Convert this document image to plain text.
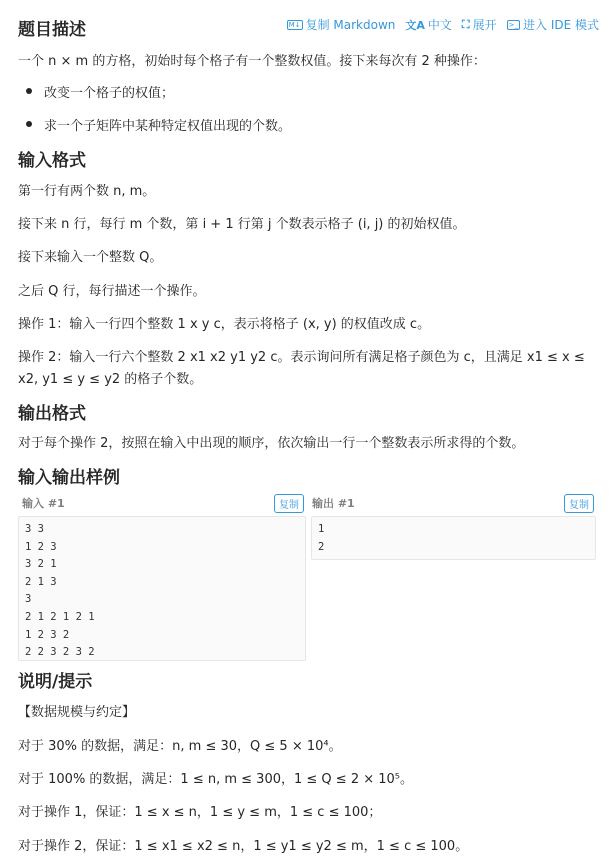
题目描述	M↓ 复制 Markdown 文A 中文 ⛶ 展开 >_ 进入 IDE 模式

一个 n × m 的方格，初始时每个格子有一个整数权值。接下来每次有 2 种操作：

改变一个格子的权值；

求一个子矩阵中某种特定权值出现的个数。

输入格式

第一行有两个数 n, m。

接下来 n 行，每行 m 个数，第 i + 1 行第 j 个数表示格子 (i, j) 的初始权值。

接下来输入一个整数 Q。

之后 Q 行，每行描述一个操作。

操作 1：输入一行四个整数 1 x y c，表示将格子 (x, y) 的权值改成 c。

操作 2：输入一行六个整数 2 x1 x2 y1 y2 c。表示询问所有满足格子颜色为 c，且满足 x1 ≤ x ≤

x2, y1 ≤ y ≤ y2 的格子个数。

输出格式

对于每个操作 2，按照在输入中出现的顺序，依次输出一行一个整数表示所求得的个数。

输入输出样例
输入 #1	复制
3 3
1 2 3
3 2 1
2 1 3
3
2 1 2 1 2 1
1 2 3 2
2 2 3 2 3 2
输出 #1	复制
1
2
说明/提示

【数据规模与约定】

对于 30% 的数据，满足：n, m ≤ 30，Q ≤ 5 × 10⁴。

对于 100% 的数据，满足：1 ≤ n, m ≤ 300，1 ≤ Q ≤ 2 × 10⁵。

对于操作 1，保证：1 ≤ x ≤ n，1 ≤ y ≤ m，1 ≤ c ≤ 100；

对于操作 2，保证：1 ≤ x1 ≤ x2 ≤ n，1 ≤ y1 ≤ y2 ≤ m，1 ≤ c ≤ 100。
